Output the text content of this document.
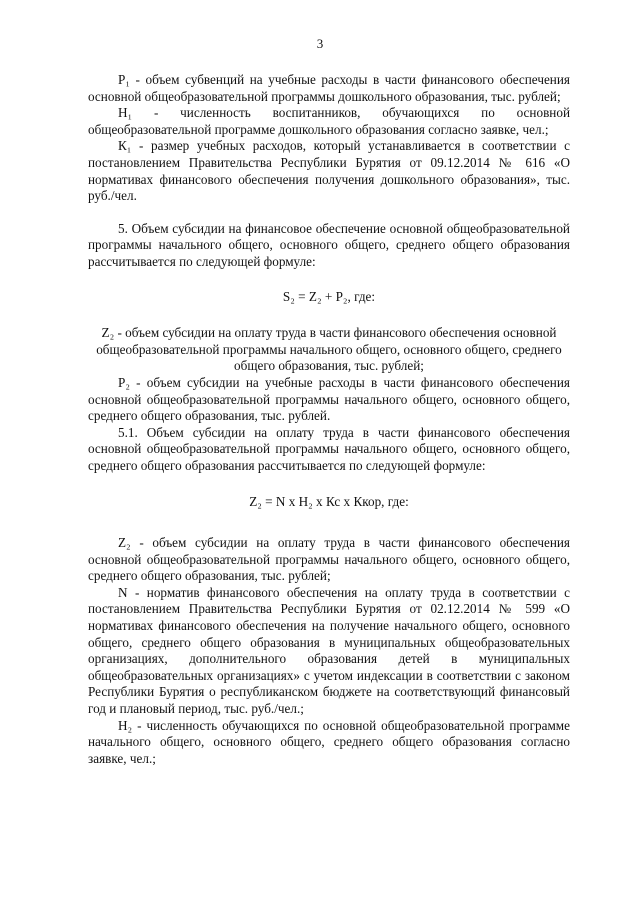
3

P₁ - объем субвенций на учебные расходы в части финансового обеспечения основной общеобразовательной программы дошкольного образования, тыс. рублей;

Н₁ - численность воспитанников, обучающихся по основной общеобразовательной программе дошкольного образования согласно заявке, чел.;

К₁ - размер учебных расходов, который устанавливается в соответствии с постановлением Правительства Республики Бурятия от 09.12.2014 № 616 «О нормативах финансового обеспечения получения дошкольного образования», тыс. руб./чел.

5. Объем субсидии на финансовое обеспечение основной общеобразовательной программы начального общего, основного общего, среднего общего образования рассчитывается по следующей формуле:

S₂ = Z₂ + P₂, где:

Z₂ - объем субсидии на оплату труда в части финансового обеспечения основной общеобразовательной программы начального общего, основного общего, среднего общего образования, тыс. рублей;

Р₂ - объем субсидии на учебные расходы в части финансового обеспечения основной общеобразовательной программы начального общего, основного общего, среднего общего образования, тыс. рублей.

5.1. Объем субсидии на оплату труда в части финансового обеспечения основной общеобразовательной программы начального общего, основного общего, среднего общего образования рассчитывается по следующей формуле:

Z₂ = N х Н₂ х Кс х Ккор, где:

Z₂ - объем субсидии на оплату труда в части финансового обеспечения основной общеобразовательной программы начального общего, основного общего, среднего общего образования, тыс. рублей;

N - норматив финансового обеспечения на оплату труда в соответствии с постановлением Правительства Республики Бурятия от 02.12.2014 № 599 «О нормативах финансового обеспечения на получение начального общего, основного общего, среднего общего образования в муниципальных общеобразовательных организациях, дополнительного образования детей в муниципальных общеобразовательных организациях» с учетом индексации в соответствии с законом Республики Бурятия о республиканском бюджете на соответствующий финансовый год и плановый период, тыс. руб./чел.;

Н₂ - численность обучающихся по основной общеобразовательной программе начального общего, основного общего, среднего общего образования согласно заявке, чел.;
